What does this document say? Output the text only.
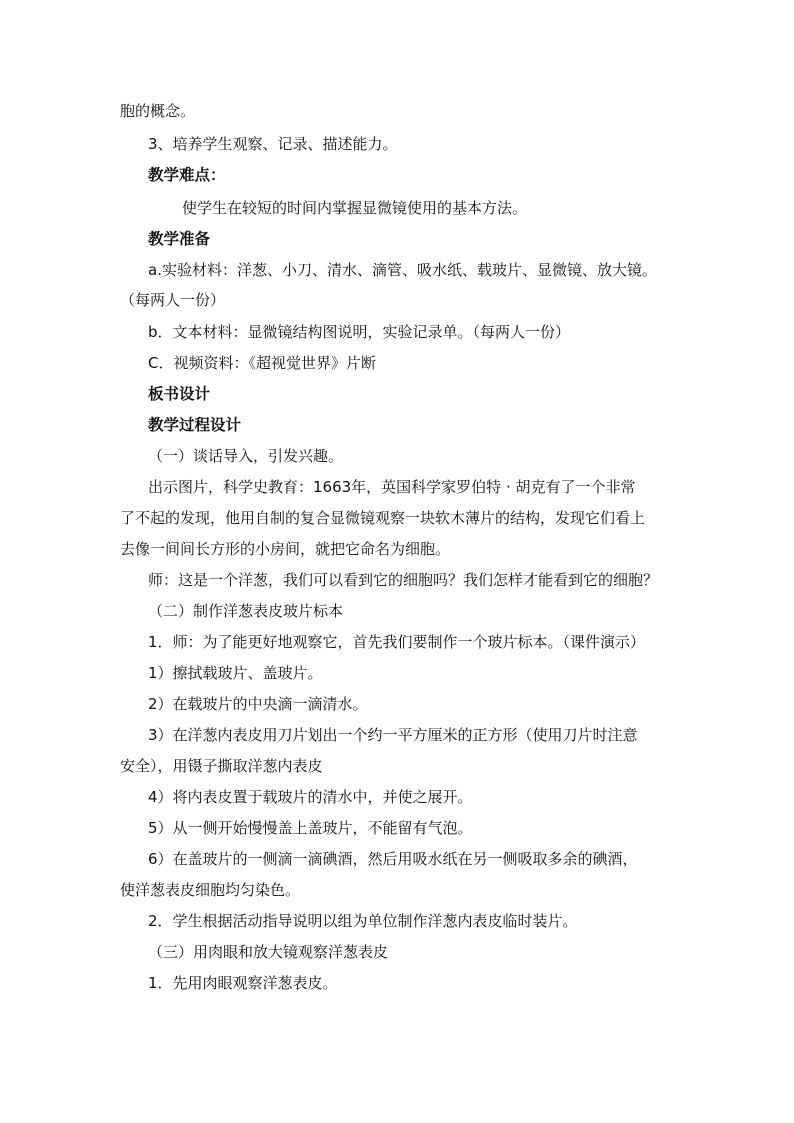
胞的概念。
3、培养学生观察、记录、描述能力。
教学难点：
使学生在较短的时间内掌握显微镜使用的基本方法。
教学准备
a.实验材料：洋葱、小刀、清水、滴管、吸水纸、载玻片、显微镜、放大镜。
（每两人一份）
b．文本材料：显微镜结构图说明，实验记录单。（每两人一份）
C．视频资料：《超视觉世界》片断
板书设计
教学过程设计
（一）谈话导入，引发兴趣。
出示图片，科学史教育：1663年，英国科学家罗伯特 · 胡克有了一个非常
了不起的发现，他用自制的复合显微镜观察一块软木薄片的结构，发现它们看上
去像一间间长方形的小房间，就把它命名为细胞。
师：这是一个洋葱，我们可以看到它的细胞吗？我们怎样才能看到它的细胞？
（二）制作洋葱表皮玻片标本
1．师：为了能更好地观察它，首先我们要制作一个玻片标本。（课件演示）
1）擦拭载玻片、盖玻片。
2）在载玻片的中央滴一滴清水。
3）在洋葱内表皮用刀片划出一个约一平方厘米的正方形（使用刀片时注意
安全），用镊子撕取洋葱内表皮
4）将内表皮置于载玻片的清水中，并使之展开。
5）从一侧开始慢慢盖上盖玻片，不能留有气泡。
6）在盖玻片的一侧滴一滴碘酒，然后用吸水纸在另一侧吸取多余的碘酒，
使洋葱表皮细胞均匀染色。
2．学生根据活动指导说明以组为单位制作洋葱内表皮临时装片。
（三）用肉眼和放大镜观察洋葱表皮
1．先用肉眼观察洋葱表皮。
